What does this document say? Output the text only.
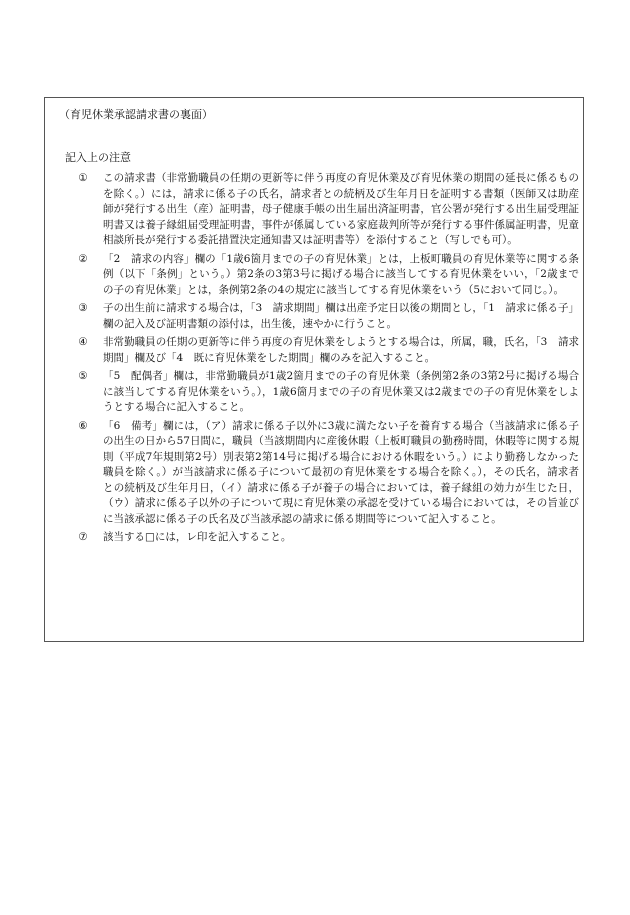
（育児休業承認請求書の裏面）
記入上の注意
①	この請求書（非常勤職員の任期の更新等に伴う再度の育児休業及び育児休業の期間の延長に係るものを除く。）には，請求に係る子の氏名，請求者との続柄及び生年月日を証明する書類（医師又は助産師が発行する出生（産）証明書，母子健康手帳の出生届出済証明書，官公署が発行する出生届受理証明書又は養子縁組届受理証明書，事件が係属している家庭裁判所等が発行する事件係属証明書，児童相談所長が発行する委託措置決定通知書又は証明書等）を添付すること（写しでも可）。
②	「2　請求の内容」欄の「1歳6箇月までの子の育児休業」とは，上板町職員の育児休業等に関する条例（以下「条例」という。）第2条の3第3号に掲げる場合に該当してする育児休業をいい，「2歳までの子の育児休業」とは，条例第2条の4の規定に該当してする育児休業をいう（5において同じ。）。
③	子の出生前に請求する場合は，「3　請求期間」欄は出産予定日以後の期間とし，「1　請求に係る子」欄の記入及び証明書類の添付は，出生後，速やかに行うこと。
④	非常勤職員の任期の更新等に伴う再度の育児休業をしようとする場合は，所属，職，氏名，「3　請求期間」欄及び「4　既に育児休業をした期間」欄のみを記入すること。
⑤	「5　配偶者」欄は，非常勤職員が1歳2箇月までの子の育児休業（条例第2条の3第2号に掲げる場合に該当してする育児休業をいう。），1歳6箇月までの子の育児休業又は2歳までの子の育児休業をしようとする場合に記入すること。
⑥	「6　備考」欄には，（ア）請求に係る子以外に3歳に満たない子を養育する場合（当該請求に係る子の出生の日から57日間に，職員（当該期間内に産後休暇（上板町職員の勤務時間，休暇等に関する規則（平成7年規則第2号）別表第2第14号に掲げる場合における休暇をいう。）により勤務しなかった職員を除く。）が当該請求に係る子について最初の育児休業をする場合を除く。），その氏名，請求者との続柄及び生年月日，（イ）請求に係る子が養子の場合においては，養子縁組の効力が生じた日，（ウ）請求に係る子以外の子について現に育児休業の承認を受けている場合においては，その旨並びに当該承認に係る子の氏名及び当該承認の請求に係る期間等について記入すること。
⑦	該当する□には，レ印を記入すること。
